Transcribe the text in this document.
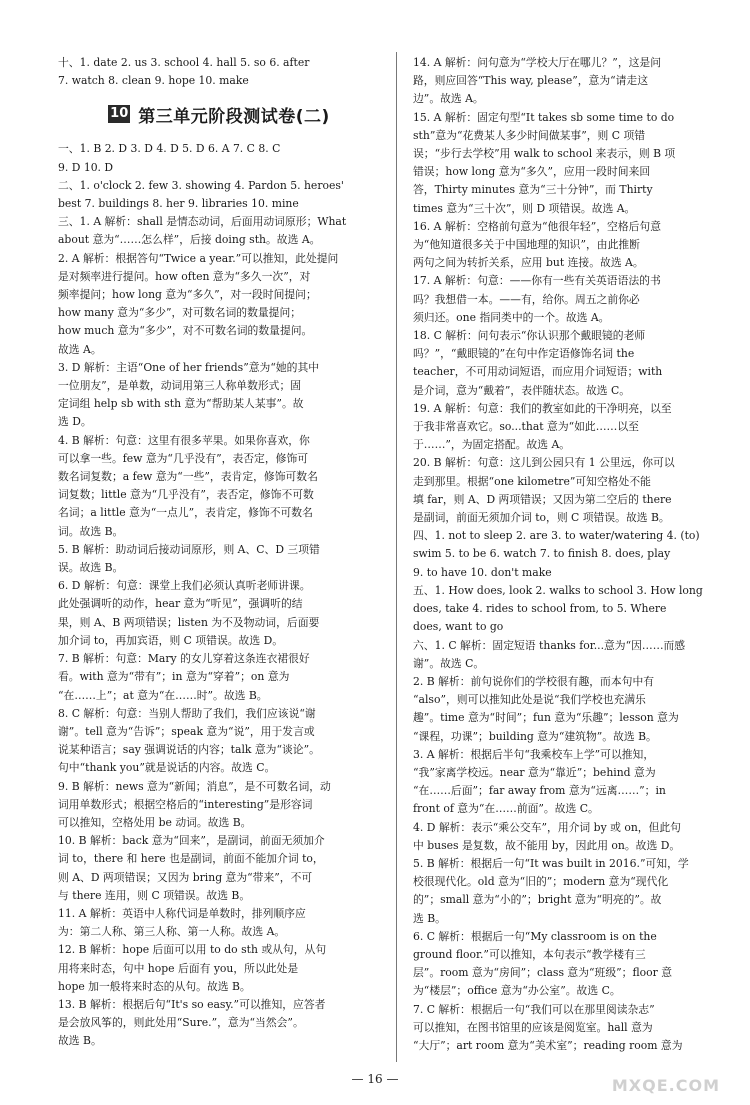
十、1. date 2. us 3. school 4. hall 5. so 6. after
7. watch 8. clean 9. hope 10. make
10 第三单元阶段测试卷(二)
一、1. B 2. D 3. D 4. D 5. D 6. A 7. C 8. C
9. D 10. D
二、1. o'clock 2. few 3. showing 4. Pardon 5. heroes'
best 7. buildings 8. her 9. libraries 10. mine
三、1. A 解析：shall 是情态动词，后面用动词原形；What
about 意为“……怎么样”，后接 doing sth。故选 A。
2. A 解析：根据答句“Twice a year.”可以推知，此处提问
是对频率进行提问。how often 意为“多久一次”，对
频率提问；how long 意为“多久”，对一段时间提问；
how many 意为“多少”，对可数名词的数量提问；
how much 意为“多少”，对不可数名词的数量提问。
故选 A。
3. D 解析：主语“One of her friends”意为“她的其中
一位朋友”，是单数，动词用第三人称单数形式；固
定词组 help sb with sth 意为“帮助某人某事”。故
选 D。
4. B 解析：句意：这里有很多苹果。如果你喜欢，你
可以拿一些。few 意为“几乎没有”，表否定，修饰可
数名词复数；a few 意为“一些”，表肯定，修饰可数名
词复数；little 意为“几乎没有”，表否定，修饰不可数
名词；a little 意为“一点儿”，表肯定，修饰不可数名
词。故选 B。
5. B 解析：助动词后接动词原形，则 A、C、D 三项错
误。故选 B。
6. D 解析：句意：课堂上我们必须认真听老师讲课。
此处强调听的动作，hear 意为“听见”，强调听的结
果，则 A、B 两项错误；listen 为不及物动词，后面要
加介词 to，再加宾语，则 C 项错误。故选 D。
7. B 解析：句意：Mary 的女儿穿着这条连衣裙很好
看。with 意为“带有”；in 意为“穿着”；on 意为
“在……上”；at 意为“在……时”。故选 B。
8. C 解析：句意：当别人帮助了我们，我们应该说“谢
谢”。tell 意为“告诉”；speak 意为“说”，用于发言或
说某种语言；say 强调说话的内容；talk 意为“谈论”。
句中“thank you”就是说话的内容。故选 C。
9. B 解析：news 意为“新闻；消息”，是不可数名词，动
词用单数形式；根据空格后的“interesting”是形容词
可以推知，空格处用 be 动词。故选 B。
10. B 解析：back 意为“回来”，是副词，前面无须加介
词 to，there 和 here 也是副词，前面不能加介词 to，
则 A、D 两项错误；又因为 bring 意为“带来”，不可
与 there 连用，则 C 项错误。故选 B。
11. A 解析：英语中人称代词是单数时，排列顺序应
为：第二人称、第三人称、第一人称。故选 A。
12. B 解析：hope 后面可以用 to do sth 或从句，从句
用将来时态，句中 hope 后面有 you，所以此处是
hope 加一般将来时态的从句。故选 B。
13. B 解析：根据后句“It's so easy.”可以推知，应答者
是会放风筝的，则此处用“Sure.”，意为“当然会”。
故选 B。
14. A 解析：问句意为“学校大厅在哪儿？”，这是问
路，则应回答“This way, please”，意为“请走这
边”。故选 A。
15. A 解析：固定句型“It takes sb some time to do
sth”意为“花费某人多少时间做某事”，则 C 项错
误；“步行去学校”用 walk to school 来表示，则 B 项
错误；how long 意为“多久”，应用一段时间来回
答，Thirty minutes 意为“三十分钟”，而 Thirty
times 意为“三十次”，则 D 项错误。故选 A。
16. A 解析：空格前句意为“他很年轻”，空格后句意
为“他知道很多关于中国地理的知识”，由此推断
两句之间为转折关系，应用 but 连接。故选 A。
17. A 解析：句意：——你有一些有关英语语法的书
吗？我想借一本。——有，给你。周五之前你必
须归还。one 指同类中的一个。故选 A。
18. C 解析：问句表示“你认识那个戴眼镜的老师
吗？”，“戴眼镜的”在句中作定语修饰名词 the
teacher，不可用动词短语，而应用介词短语；with
是介词，意为“戴着”，表伴随状态。故选 C。
19. A 解析：句意：我们的教室如此的干净明亮，以至
于我非常喜欢它。so...that 意为“如此……以至
于……”，为固定搭配。故选 A。
20. B 解析：句意：这儿到公园只有 1 公里远，你可以
走到那里。根据“one kilometre”可知空格处不能
填 far，则 A、D 两项错误；又因为第二空后的 there
是副词，前面无须加介词 to，则 C 项错误。故选 B。
四、1. not to sleep 2. are 3. to water/watering 4. (to)
swim 5. to be 6. watch 7. to finish 8. does, play
9. to have 10. don't make
五、1. How does, look 2. walks to school 3. How long
does, take 4. rides to school from, to 5. Where
does, want to go
六、1. C 解析：固定短语 thanks for...意为“因……而感
谢”。故选 C。
2. B 解析：前句说你们的学校很有趣，而本句中有
“also”，则可以推知此处是说“我们学校也充满乐
趣”。time 意为“时间”；fun 意为“乐趣”；lesson 意为
“课程，功课”；building 意为“建筑物”。故选 B。
3. A 解析：根据后半句“我乘校车上学”可以推知，
“我”家离学校远。near 意为“靠近”；behind 意为
“在……后面”；far away from 意为“远离……”；in
front of 意为“在……前面”。故选 C。
4. D 解析：表示“乘公交车”，用介词 by 或 on，但此句
中 buses 是复数，故不能用 by，因此用 on。故选 D。
5. B 解析：根据后一句“It was built in 2016.”可知，学
校很现代化。old 意为“旧的”；modern 意为“现代化
的”；small 意为“小的”；bright 意为“明亮的”。故
选 B。
6. C 解析：根据后一句“My classroom is on the
ground floor.”可以推知，本句表示“教学楼有三
层”。room 意为“房间”；class 意为“班级”；floor 意
为“楼层”；office 意为“办公室”。故选 C。
7. C 解析：根据后一句“我们可以在那里阅读杂志”
可以推知，在图书馆里的应该是阅览室。hall 意为
“大厅”；art room 意为“美术室”；reading room 意为
— 16 —	MXQE.COM
